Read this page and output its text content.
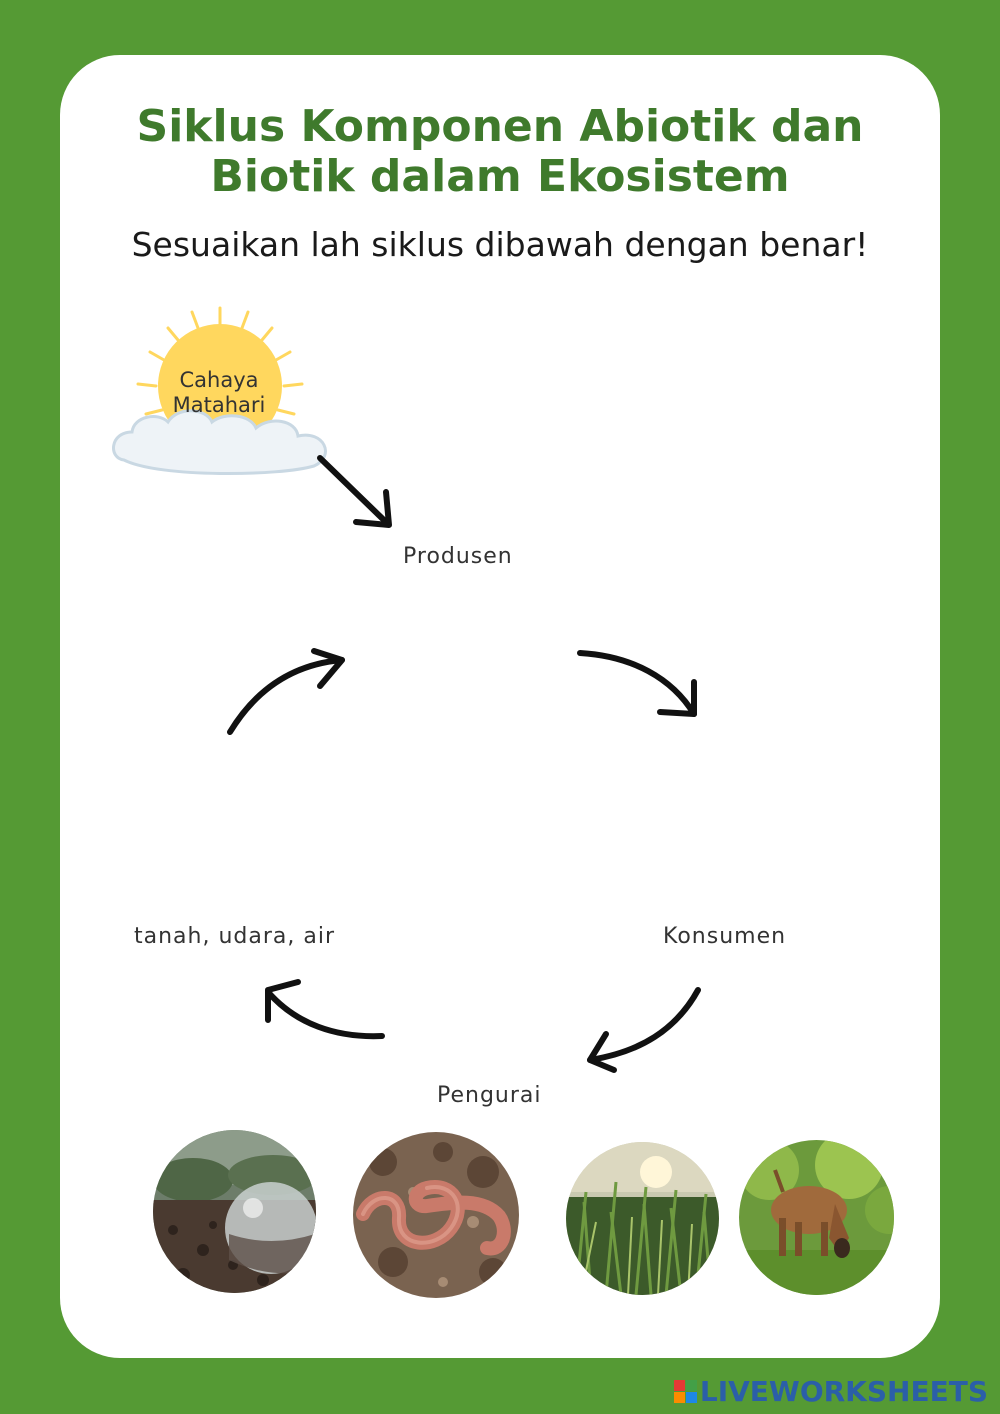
Siklus Komponen Abiotik dan
Biotik dalam Ekosistem
Sesuaikan lah siklus dibawah dengan benar!
Cahaya
Matahari
Produsen
Konsumen
Pengurai
tanah, udara, air
LIVEWORKSHEETS
